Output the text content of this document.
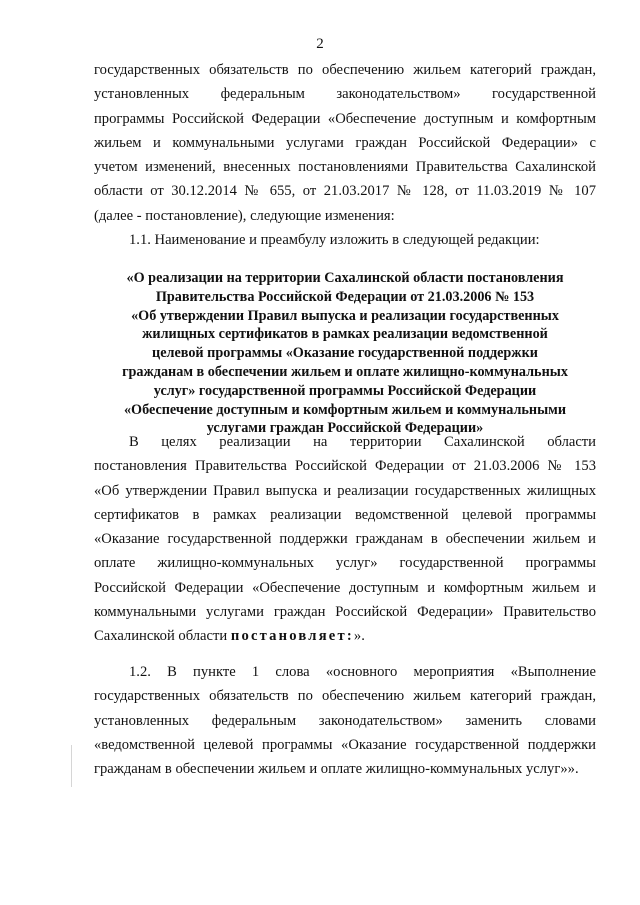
2
государственных обязательств по обеспечению жильем категорий граждан,
установленных федеральным законодательством» государственной
программы Российской Федерации «Обеспечение доступным и комфортным
жильем и коммунальными услугами граждан Российской Федерации» с
учетом изменений, внесенных постановлениями Правительства Сахалинской
области от 30.12.2014 № 655, от 21.03.2017 № 128, от 11.03.2019 № 107
(далее - постановление), следующие изменения:
1.1. Наименование и преамбулу изложить в следующей редакции:
«О реализации на территории Сахалинской области постановления
Правительства Российской Федерации от 21.03.2006 № 153
«Об утверждении Правил выпуска и реализации государственных
жилищных сертификатов в рамках реализации ведомственной
целевой программы «Оказание государственной поддержки
гражданам в обеспечении жильем и оплате жилищно-коммунальных
услуг» государственной программы Российской Федерации
«Обеспечение доступным и комфортным жильем и коммунальными
услугами граждан Российской Федерации»
В целях реализации на территории Сахалинской области
постановления Правительства Российской Федерации от 21.03.2006 № 153
«Об утверждении Правил выпуска и реализации государственных жилищных
сертификатов в рамках реализации ведомственной целевой программы
«Оказание государственной поддержки гражданам в обеспечении жильем и
оплате жилищно-коммунальных услуг» государственной программы
Российской Федерации «Обеспечение доступным и комфортным жильем и
коммунальными услугами граждан Российской Федерации» Правительство
Сахалинской области постановляет:».
1.2. В пункте 1 слова «основного мероприятия «Выполнение
государственных обязательств по обеспечению жильем категорий граждан,
установленных федеральным законодательством» заменить словами
«ведомственной целевой программы «Оказание государственной поддержки
гражданам в обеспечении жильем и оплате жилищно-коммунальных услуг»».
